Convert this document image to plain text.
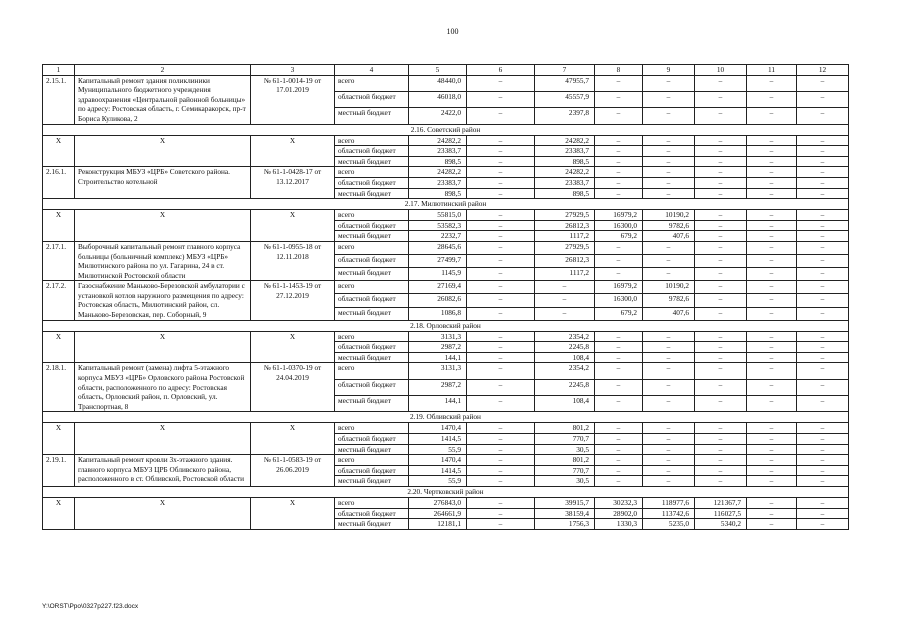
100
1	2	3	4	5	6	7	8	9	10	11	12
2.15.1.	Капитальный ремонт здания поликлиники Муниципального бюджетного учреждения здравоохранения «Центральной районной больницы» по адресу: Ростовская область, г. Семикаракорск, пр-т Бориса Куликова, 2	№ 61-1-0014-19 от 17.01.2019	всего	48440,0	–	47955,7	–	–	–	–	–
			областной бюджет	46018,0	–	45557,9	–	–	–	–	–
			местный бюджет	2422,0	–	2397,8	–	–	–	–	–
2.16. Советский район											
Х	Х	Х	всего	24282,2	–	24282,2	–	–	–	–	–
			областной бюджет	23383,7	–	23383,7	–	–	–	–	–
			местный бюджет	898,5	–	898,5	–	–	–	–	–
2.16.1.	Реконструкция МБУЗ «ЦРБ» Советского района. Строительство котельной	№ 61-1-0428-17 от 13.12.2017	всего	24282,2	–	24282,2	–	–	–	–	–
			областной бюджет	23383,7	–	23383,7	–	–	–	–	–
			местный бюджет	898,5	–	898,5	–	–	–	–	–
2.17. Милютинский район											
Х	Х	Х	всего	55815,0	–	27929,5	16979,2	10190,2	–	–	–
			областной бюджет	53582,3	–	26812,3	16300,0	9782,6	–	–	–
			местный бюджет	2232,7	–	1117,2	679,2	407,6	–	–	–
2.17.1.	Выборочный капитальный ремонт главного корпуса больницы (больничный комплекс) МБУЗ «ЦРБ» Милютинского района по ул. Гагарина, 24 в ст. Милютинской Ростовской области	№ 61-1-0955-18 от 12.11.2018	всего	28645,6	–	27929,5	–	–	–	–	–
			областной бюджет	27499,7	–	26812,3	–	–	–	–	–
			местный бюджет	1145,9	–	1117,2	–	–	–	–	–
2.17.2.	Газоснабжение Маньково-Березовской амбулатории с установкой котлов наружного размещения по адресу: Ростовская область, Милютинский район, сл. Маньково-Березовская, пер. Соборный, 9	№ 61-1-1453-19 от 27.12.2019	всего	27169,4	–	–	16979,2	10190,2	–	–	–
			областной бюджет	26082,6	–	–	16300,0	9782,6	–	–	–
			местный бюджет	1086,8	–	–	679,2	407,6	–	–	–
2.18. Орловский район											
Х	Х	Х	всего	3131,3	–	2354,2	–	–	–	–	–
			областной бюджет	2987,2	–	2245,8	–	–	–	–	–
			местный бюджет	144,1	–	108,4	–	–	–	–	–
2.18.1.	Капитальный ремонт (замена) лифта 5-этажного корпуса МБУЗ «ЦРБ» Орловского района Ростовской области, расположенного по адресу: Ростовская область, Орловский район, п. Орловский, ул. Транспортная, 8	№ 61-1-0370-19 от 24.04.2019	всего	3131,3	–	2354,2	–	–	–	–	–
			областной бюджет	2987,2	–	2245,8	–	–	–	–	–
			местный бюджет	144,1	–	108,4	–	–	–	–	–
2.19. Обливский район											
Х	Х	Х	всего	1470,4	–	801,2	–	–	–	–	–
			областной бюджет	1414,5	–	770,7	–	–	–	–	–
			местный бюджет	55,9	–	30,5	–	–	–	–	–
2.19.1.	Капитальный ремонт кровли 3х-этажного здания. главного корпуса МБУЗ ЦРБ Обливского района, расположенного в ст. Обливской, Ростовской области	№ 61-1-0583-19 от 26.06.2019	всего	1470,4	–	801,2	–	–	–	–	–
			областной бюджет	1414,5	–	770,7	–	–	–	–	–
			местный бюджет	55,9	–	30,5	–	–	–	–	–
2.20. Чертковский район											
Х	Х	Х	всего	276843,0	–	39915,7	30232,3	118977,6	121367,7	–	–
			областной бюджет	264661,9	–	38159,4	28902,0	113742,6	116027,5	–	–
			местный бюджет	12181,1	–	1756,3	1330,3	5235,0	5340,2	–	–
Y:\ORST\Ppo\0327p227.f23.docx
